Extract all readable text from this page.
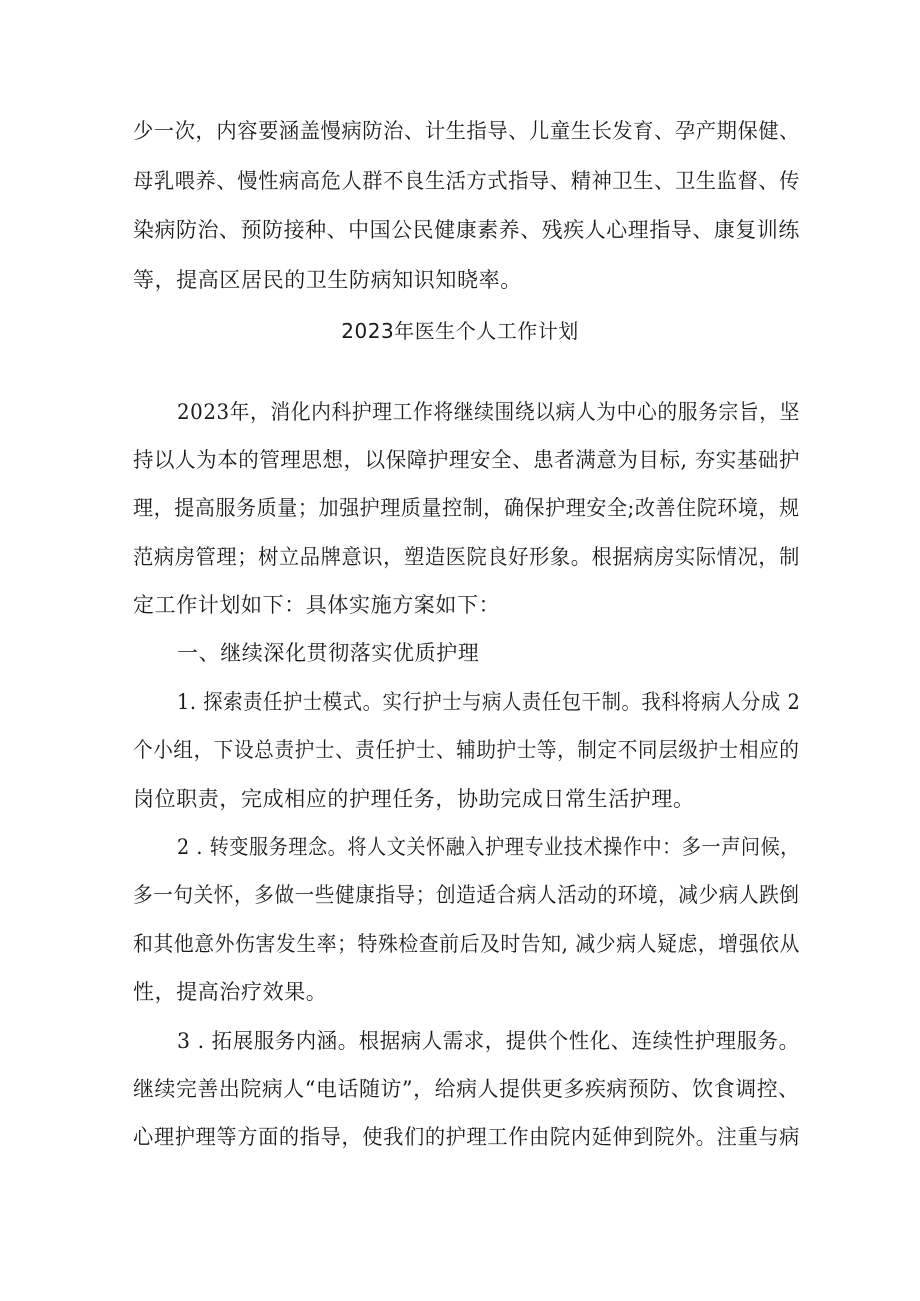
少一次，内容要涵盖慢病防治、计生指导、儿童生长发育、孕产期保健、
母乳喂养、慢性病高危人群不良生活方式指导、精神卫生、卫生监督、传
染病防治、预防接种、中国公民健康素养、残疾人心理指导、康复训练
等，提高区居民的卫生防病知识知晓率。
2023年医生个人工作计划
2023年，消化内科护理工作将继续围绕以病人为中心的服务宗旨，坚
持以人为本的管理思想，以保障护理安全、患者满意为目标, 夯实基础护
理，提高服务质量；加强护理质量控制，确保护理安全;改善住院环境，规
范病房管理；树立品牌意识，塑造医院良好形象。根据病房实际情况，制
定工作计划如下：具体实施方案如下：
一、继续深化贯彻落实优质护理
1. 探索责任护士模式。实行护士与病人责任包干制。我科将病人分成 2
个小组，下设总责护士、责任护士、辅助护士等，制定不同层级护士相应的
岗位职责，完成相应的护理任务，协助完成日常生活护理。
2 . 转变服务理念。将人文关怀融入护理专业技术操作中：多一声问候，
多一句关怀，多做一些健康指导；创造适合病人活动的环境，减少病人跌倒
和其他意外伤害发生率；特殊检查前后及时告知, 减少病人疑虑，增强依从
性，提高治疗效果。
3 . 拓展服务内涵。根据病人需求，提供个性化、连续性护理服务。
继续完善出院病人“电话随访”，给病人提供更多疾病预防、饮食调控、
心理护理等方面的指导，使我们的护理工作由院内延伸到院外。注重与病
